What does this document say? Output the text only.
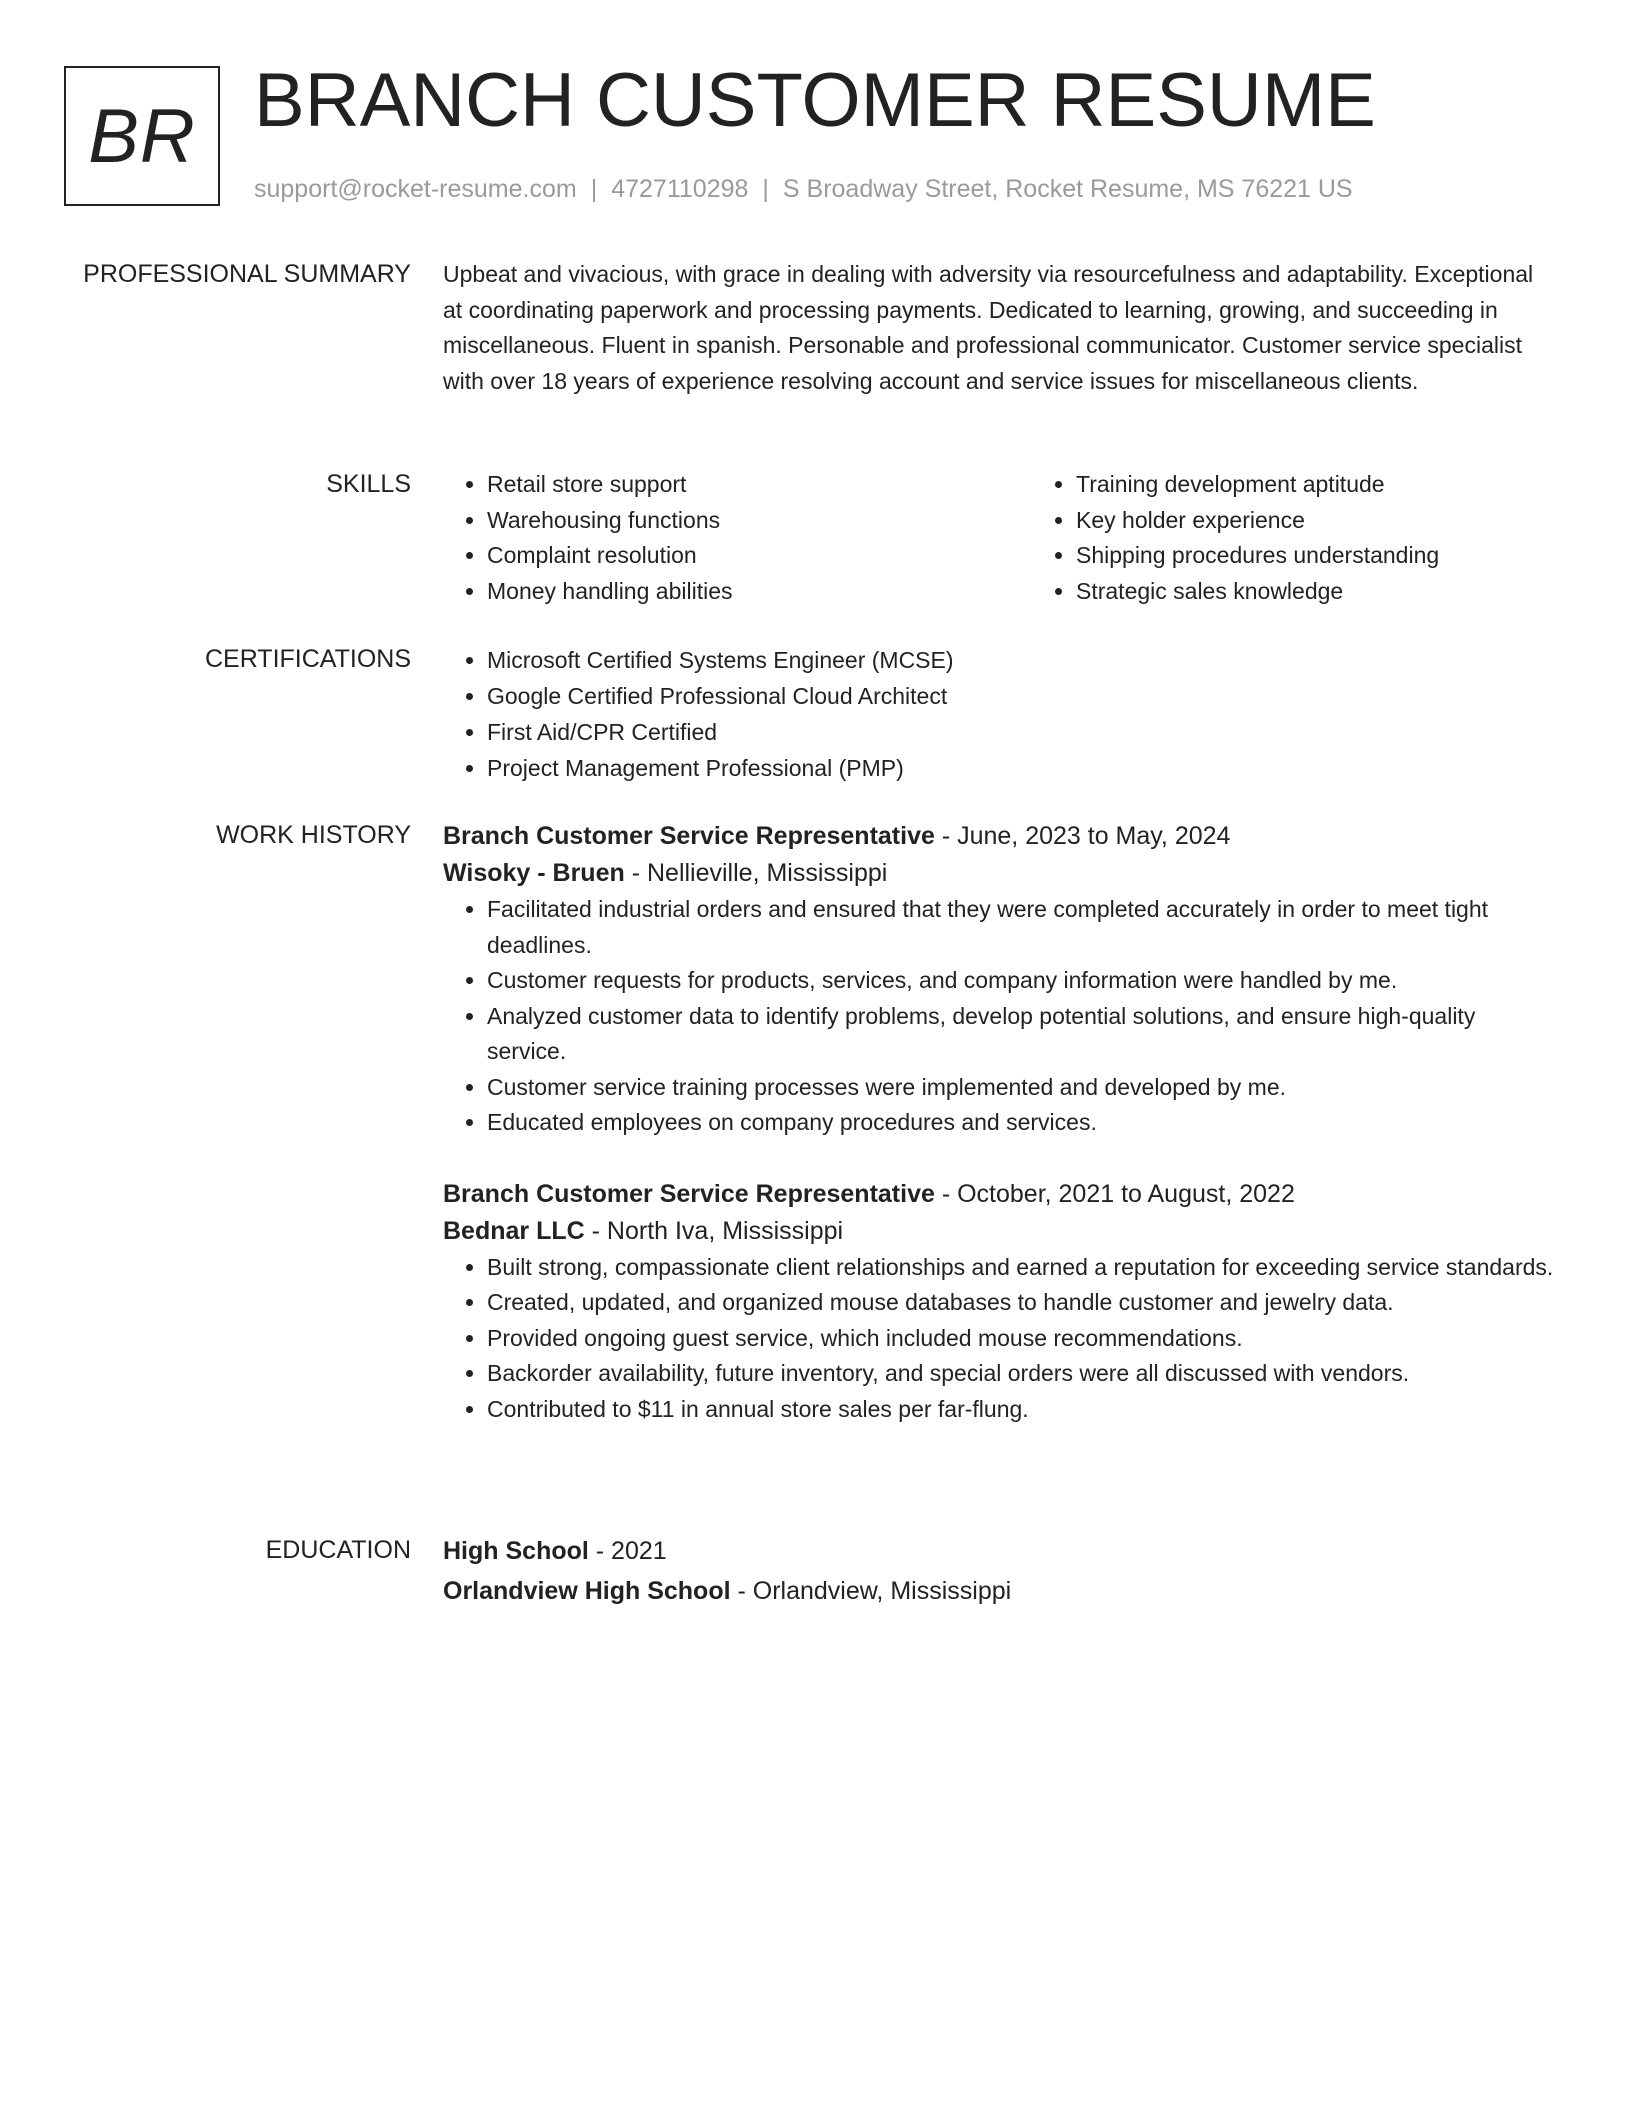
BR BRANCH CUSTOMER RESUME
support@rocket-resume.com | 4727110298 | S Broadway Street, Rocket Resume, MS 76221 US
PROFESSIONAL SUMMARY Upbeat and vivacious, with grace in dealing with adversity via resourcefulness and adaptability. Exceptional at coordinating paperwork and processing payments. Dedicated to learning, growing, and succeeding in miscellaneous. Fluent in spanish. Personable and professional communicator. Customer service specialist with over 18 years of experience resolving account and service issues for miscellaneous clients.

SKILLS	• Retail store support
• Warehousing functions
• Complaint resolution
• Money handling abilities
• Training development aptitude
• Key holder experience
• Shipping procedures understanding
• Strategic sales knowledge
CERTIFICATIONS	• Microsoft Certified Systems Engineer (MCSE)
• Google Certified Professional Cloud Architect
• First Aid/CPR Certified
• Project Management Professional (PMP)
WORK HISTORY Branch Customer Service Representative - June, 2023 to May, 2024
Wisoky - Bruen - Nellieville, Mississippi
• Facilitated industrial orders and ensured that they were completed accurately in order to meet tight deadlines.
• Customer requests for products, services, and company information were handled by me.
• Analyzed customer data to identify problems, develop potential solutions, and ensure high-quality service.
• Customer service training processes were implemented and developed by me.
• Educated employees on company procedures and services.
Branch Customer Service Representative - October, 2021 to August, 2022
Bednar LLC - North Iva, Mississippi
• Built strong, compassionate client relationships and earned a reputation for exceeding service standards.
• Created, updated, and organized mouse databases to handle customer and jewelry data.
• Provided ongoing guest service, which included mouse recommendations.
• Backorder availability, future inventory, and special orders were all discussed with vendors.
• Contributed to $11 in annual store sales per far-flung.
EDUCATION High School - 2021
Orlandview High School - Orlandview, Mississippi
